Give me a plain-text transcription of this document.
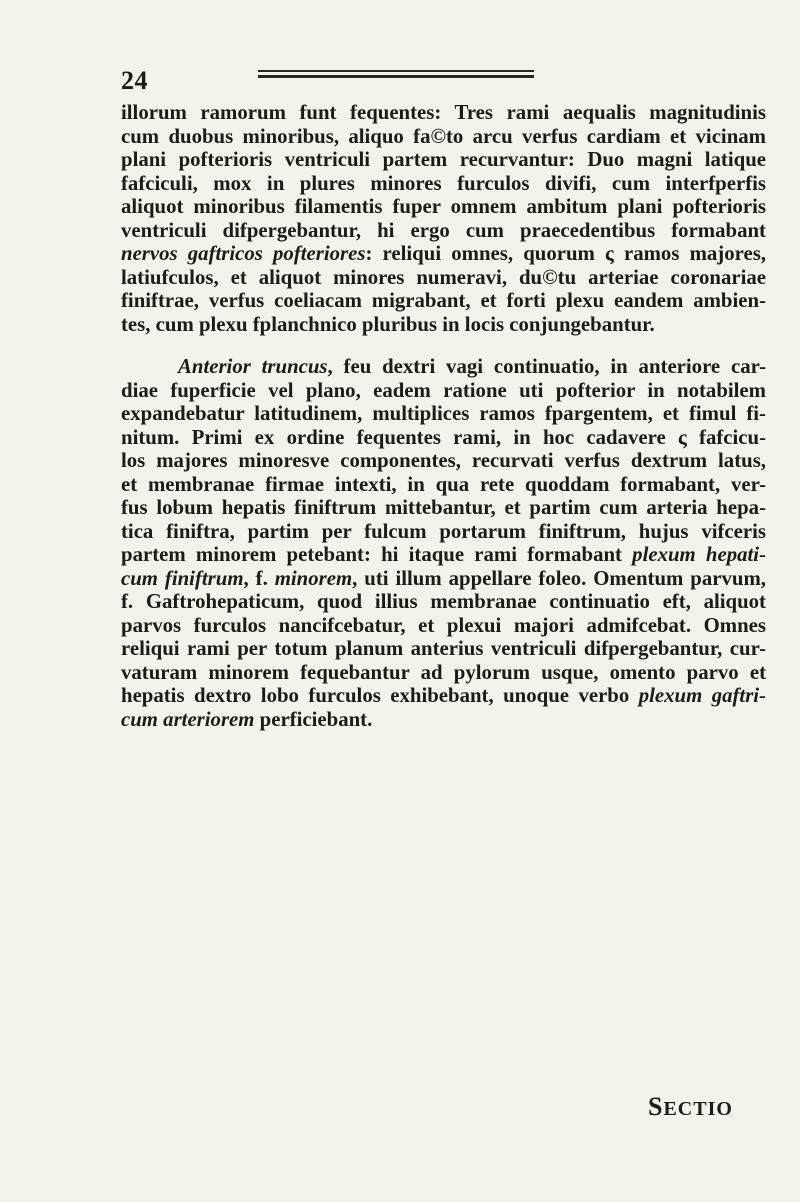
24
illorum ramorum funt fequentes: Tres rami aequalis magnitudinis
cum duobus minoribus, aliquo fa©to arcu verfus cardiam et vicinam
plani pofterioris ventriculi partem recurvantur: Duo magni latique
fafciculi, mox in plures minores furculos divifi, cum interfperfis
aliquot minoribus filamentis fuper omnem ambitum plani pofterioris
ventriculi difpergebantur, hi ergo cum praecedentibus formabant
nervos gaftricos pofteriores: reliqui omnes, quorum ς ramos majores,
latiufculos, et aliquot minores numeravi, du©tu arteriae coronariae
finiftrae, verfus coeliacam migrabant, et forti plexu eandem ambien-
tes, cum plexu fplanchnico pluribus in locis conjungebantur.
Anterior truncus, feu dextri vagi continuatio, in anteriore car-
diae fuperficie vel plano, eadem ratione uti pofterior in notabilem
expandebatur latitudinem, multiplices ramos fpargentem, et fimul fi-
nitum. Primi ex ordine fequentes rami, in hoc cadavere ς fafcicu-
los majores minoresve componentes, recurvati verfus dextrum latus,
et membranae firmae intexti, in qua rete quoddam formabant, ver-
fus lobum hepatis finiftrum mittebantur, et partim cum arteria hepa-
tica finiftra, partim per fulcum portarum finiftrum, hujus vifceris
partem minorem petebant: hi itaque rami formabant plexum hepati-
cum finiftrum, f. minorem, uti illum appellare foleo. Omentum parvum,
f. Gaftrohepaticum, quod illius membranae continuatio eft, aliquot
parvos furculos nancifcebatur, et plexui majori admifcebat. Omnes
reliqui rami per totum planum anterius ventriculi difpergebantur, cur-
vaturam minorem fequebantur ad pylorum usque, omento parvo et
hepatis dextro lobo furculos exhibebant, unoque verbo plexum gaftri-
cum arteriorem perficiebant.
SECTIO
